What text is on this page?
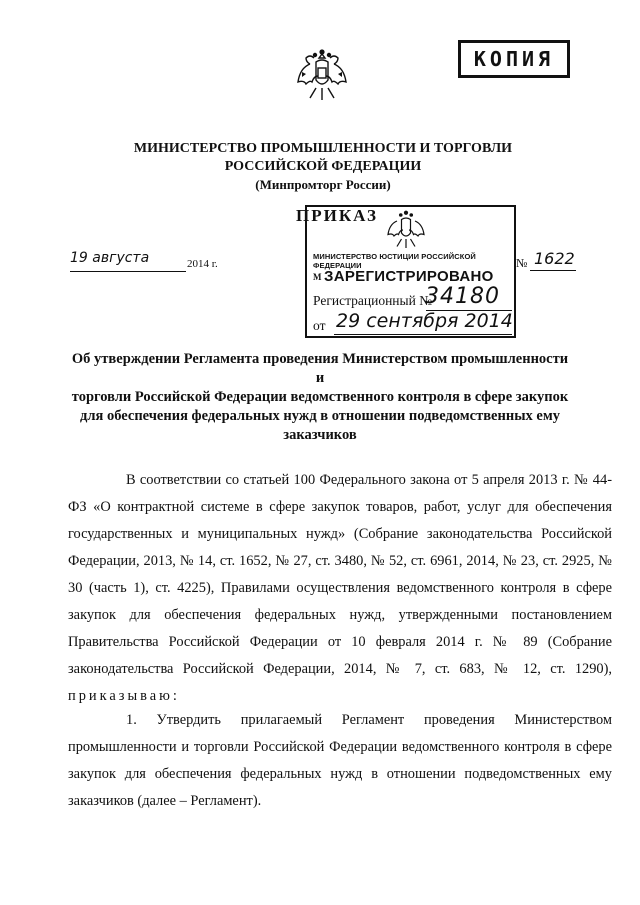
КОПИЯ
МИНИСТЕРСТВО ПРОМЫШЛЕННОСТИ И ТОРГОВЛИ
РОССИЙСКОЙ ФЕДЕРАЦИИ
(Минпромторг России)
ПРИКАЗ
МИНИСТЕРСТВО ЮСТИЦИИ РОССИЙСКОЙ ФЕДЕРАЦИИ
М ЗАРЕГИСТРИРОВАНО
Регистрационный №
34180
от 29 сентября 2014
19 августа	2014 г.	№ 1622
Об утверждении Регламента проведения Министерством промышленности и
торговли Российской Федерации ведомственного контроля в сфере закупок
для обеспечения федеральных нужд в отношении подведомственных ему
заказчиков
В соответствии со статьей 100 Федерального закона от 5 апреля 2013 г. № 44-ФЗ «О контрактной системе в сфере закупок товаров, работ, услуг для обеспечения государственных и муниципальных нужд» (Собрание законодательства Российской Федерации, 2013, № 14, ст. 1652, № 27, ст. 3480, № 52, ст. 6961, 2014, № 23, ст. 2925, № 30 (часть 1), ст. 4225), Правилами осуществления ведомственного контроля в сфере закупок для обеспечения федеральных нужд, утвержденными постановлением Правительства Российской Федерации от 10 февраля 2014 г. № 89 (Собрание законодательства Российской Федерации, 2014, № 7, ст. 683, № 12, ст. 1290), приказываю:
1. Утвердить прилагаемый Регламент проведения Министерством промышленности и торговли Российской Федерации ведомственного контроля в сфере закупок для обеспечения федеральных нужд в отношении подведомственных ему заказчиков (далее – Регламент).
